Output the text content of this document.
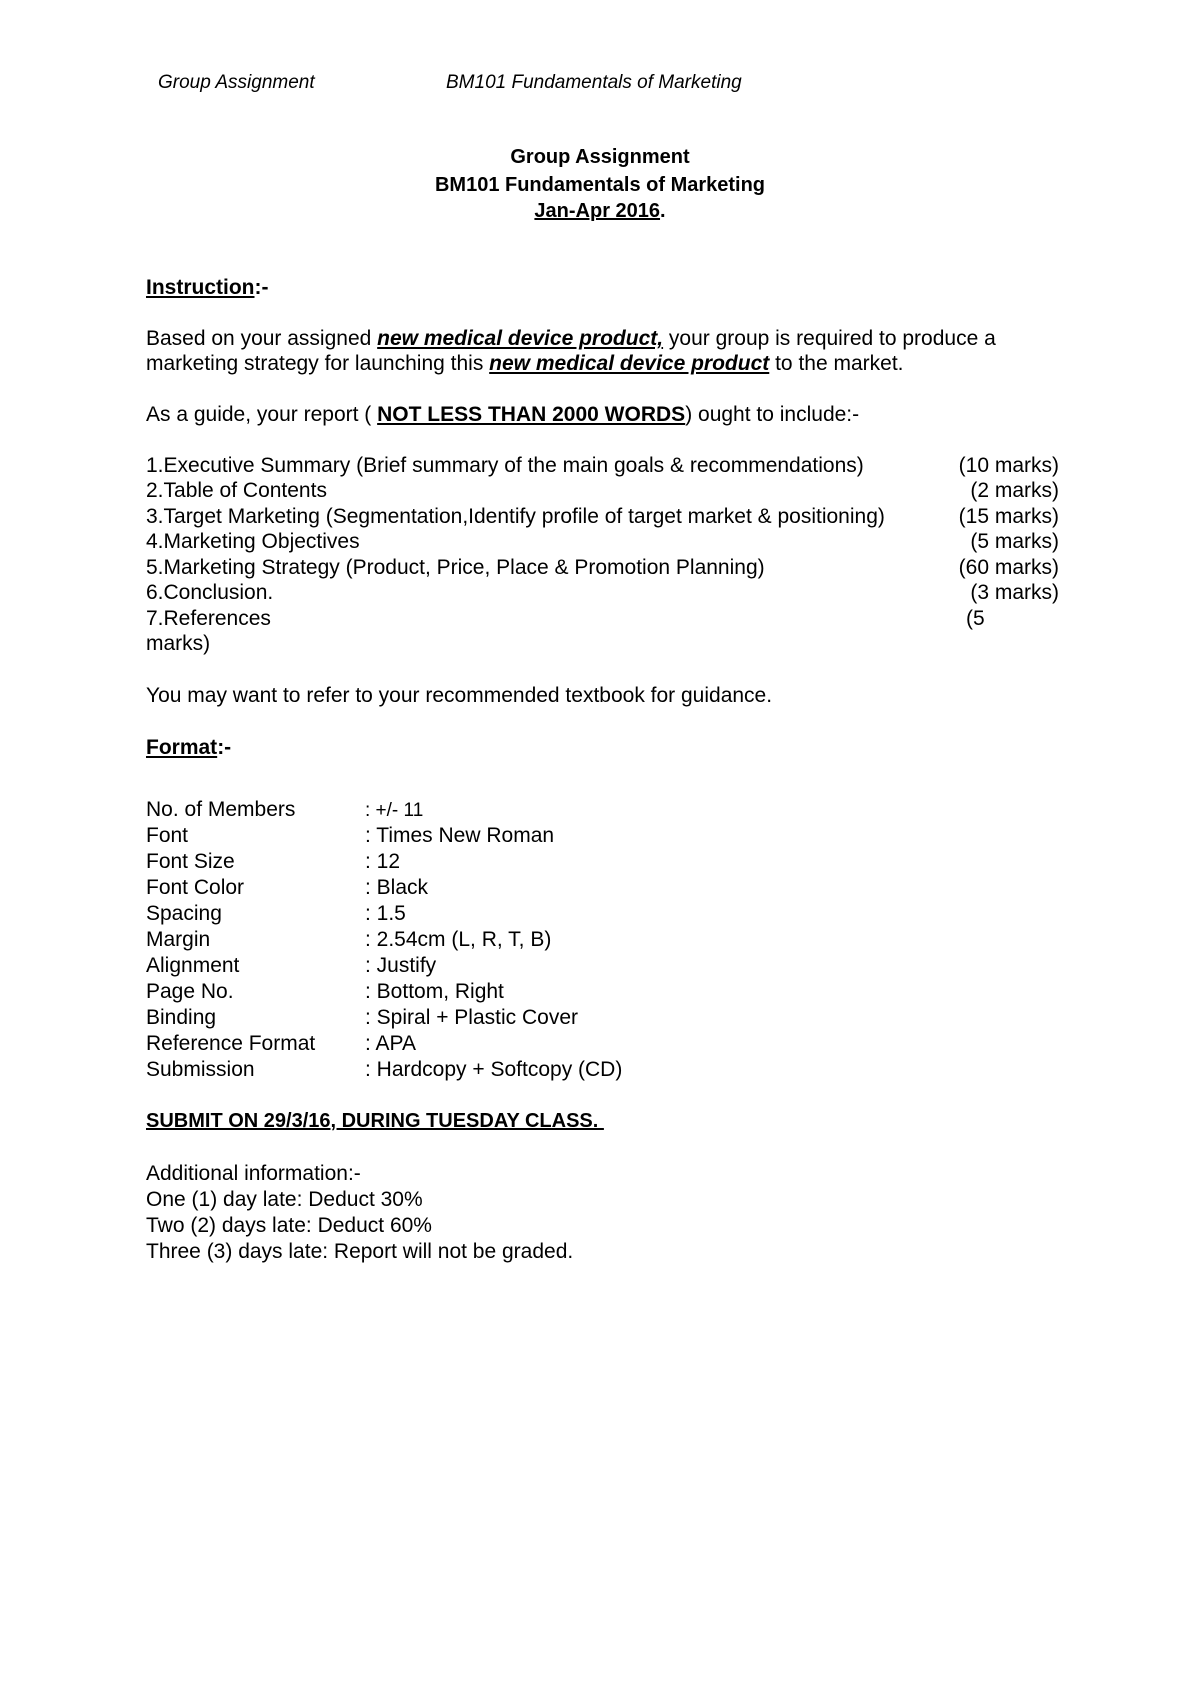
Group Assignment	BM101 Fundamentals of Marketing
Group Assignment
BM101 Fundamentals of Marketing
Jan-Apr 2016.
Instruction:-
Based on your assigned new medical device product, your group is required to produce a
marketing strategy for launching this new medical device product to the market.
As a guide, your report ( NOT LESS THAN 2000 WORDS) ought to include:-
1.Executive Summary (Brief summary of the main goals & recommendations)	(10 marks)
2.Table of Contents	(2 marks)
3.Target Marketing (Segmentation,Identify profile of target market & positioning)	(15 marks)
4.Marketing Objectives	(5 marks)
5.Marketing Strategy (Product, Price, Place & Promotion Planning)	(60 marks)
6.Conclusion.	(3 marks)
7.References	(5
marks)
You may want to refer to your recommended textbook for guidance.
Format:-
No. of Members	: +/- 11
Font	: Times New Roman
Font Size	: 12
Font Color	: Black
Spacing	: 1.5
Margin	: 2.54cm (L, R, T, B)
Alignment	: Justify
Page No.	: Bottom, Right
Binding	: Spiral + Plastic Cover
Reference Format : APA
Submission	: Hardcopy + Softcopy (CD)
SUBMIT ON 29/3/16, DURING TUESDAY CLASS.
Additional information:-
One (1) day late: Deduct 30%
Two (2) days late: Deduct 60%
Three (3) days late: Report will not be graded.
